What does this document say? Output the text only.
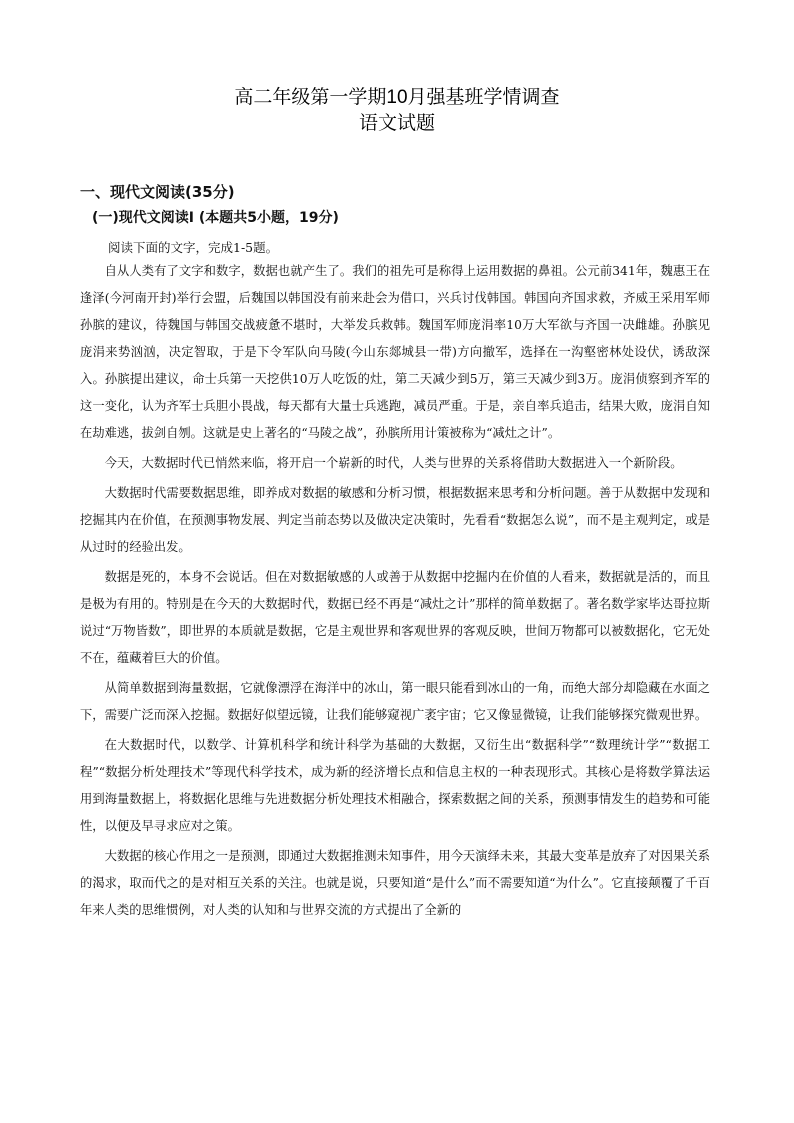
高二年级第一学期10月强基班学情调查
语文试题
一、现代文阅读(35分)
(一)现代文阅读Ⅰ (本题共5小题，19分)
阅读下面的文字，完成1-5题。

自从人类有了文字和数字，数据也就产生了。我们的祖先可是称得上运用数据的鼻祖。公元前341年，魏惠王在逢泽(今河南开封)举行会盟，后魏国以韩国没有前来赴会为借口，兴兵讨伐韩国。韩国向齐国求救，齐威王采用军师孙膑的建议，待魏国与韩国交战疲惫不堪时，大举发兵救韩。魏国军师庞涓率10万大军欲与齐国一决雌雄。孙膑见庞涓来势汹汹，决定智取，于是下令军队向马陵(今山东郯城县一带)方向撤军，选择在一沟壑密林处设伏，诱敌深入。孙膑提出建议，命士兵第一天挖供10万人吃饭的灶，第二天减少到5万，第三天减少到3万。庞涓侦察到齐军的这一变化，认为齐军士兵胆小畏战，每天都有大量士兵逃跑，减员严重。于是，亲自率兵追击，结果大败，庞涓自知在劫难逃，拔剑自刎。这就是史上著名的“马陵之战”，孙膑所用计策被称为“减灶之计”。

今天，大数据时代已悄然来临，将开启一个崭新的时代，人类与世界的关系将借助大数据进入一个新阶段。

大数据时代需要数据思维，即养成对数据的敏感和分析习惯，根据数据来思考和分析问题。善于从数据中发现和挖掘其内在价值，在预测事物发展、判定当前态势以及做决定决策时，先看看“数据怎么说”，而不是主观判定，或是从过时的经验出发。

数据是死的，本身不会说话。但在对数据敏感的人或善于从数据中挖掘内在价值的人看来，数据就是活的，而且是极为有用的。特别是在今天的大数据时代，数据已经不再是“减灶之计”那样的简单数据了。著名数学家毕达哥拉斯说过“万物皆数”，即世界的本质就是数据，它是主观世界和客观世界的客观反映，世间万物都可以被数据化，它无处不在，蕴藏着巨大的价值。

从简单数据到海量数据，它就像漂浮在海洋中的冰山，第一眼只能看到冰山的一角，而绝大部分却隐藏在水面之下，需要广泛而深入挖掘。数据好似望远镜，让我们能够窥视广袤宇宙；它又像显微镜，让我们能够探究微观世界。

在大数据时代，以数学、计算机科学和统计科学为基础的大数据，又衍生出“数据科学”“数理统计学”“数据工程”“数据分析处理技术”等现代科学技术，成为新的经济增长点和信息主权的一种表现形式。其核心是将数学算法运用到海量数据上，将数据化思维与先进数据分析处理技术相融合，探索数据之间的关系，预测事情发生的趋势和可能性，以便及早寻求应对之策。

大数据的核心作用之一是预测，即通过大数据推测未知事件，用今天演绎未来，其最大变革是放弃了对因果关系的渴求，取而代之的是对相互关系的关注。也就是说，只要知道“是什么”而不需要知道“为什么”。它直接颠覆了千百年来人类的思维惯例，对人类的认知和与世界交流的方式提出了全新的
